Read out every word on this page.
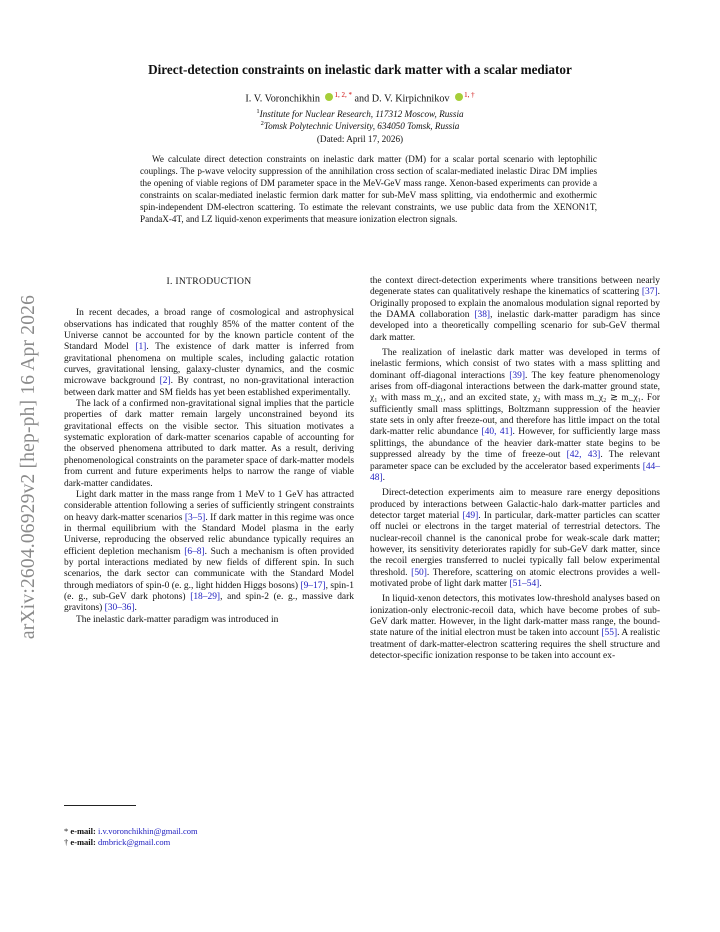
arXiv:2604.06929v2 [hep-ph] 16 Apr 2026
Direct-detection constraints on inelastic dark matter with a scalar mediator
I. V. Voronchikhin $^{1, 2, *}$ and D. V. Kirpichnikov $^{1, \dagger}$
$^1$Institute for Nuclear Research, 117312 Moscow, Russia
$^2$Tomsk Polytechnic University, 634050 Tomsk, Russia
(Dated: April 17, 2026)
We calculate direct detection constraints on inelastic dark matter (DM) for a scalar portal scenario with leptophilic couplings. The p-wave velocity suppression of the annihilation cross section of scalar-mediated inelastic Dirac DM implies the opening of viable regions of DM parameter space in the MeV-GeV mass range. Xenon-based experiments can provide a constraints on scalar-mediated inelastic fermion dark matter for sub-MeV mass splitting, via endothermic and exothermic spin-independent DM-electron scattering. To estimate the relevant constraints, we use public data from the XENON1T, PandaX-4T, and LZ liquid-xenon experiments that measure ionization electron signals.
I. INTRODUCTION

In recent decades, a broad range of cosmological and astrophysical observations has indicated that roughly 85% of the matter content of the Universe cannot be accounted for by the known particle content of the Standard Model [1]. The existence of dark matter is inferred from gravitational phenomena on multiple scales, including galactic rotation curves, gravitational lensing, galaxy-cluster dynamics, and the cosmic microwave background [2]. By contrast, no non-gravitational interaction between dark matter and SM fields has yet been established experimentally.

The lack of a confirmed non-gravitational signal implies that the particle properties of dark matter remain largely unconstrained beyond its gravitational effects on the visible sector. This situation motivates a systematic exploration of dark-matter scenarios capable of accounting for the observed phenomena attributed to dark matter. As a result, deriving phenomenological constraints on the parameter space of dark-matter models from current and future experiments helps to narrow the range of viable dark-matter candidates.

Light dark matter in the mass range from 1 MeV to 1 GeV has attracted considerable attention following a series of sufficiently stringent constraints on heavy dark-matter scenarios [3–5]. If dark matter in this regime was once in thermal equilibrium with the Standard Model plasma in the early Universe, reproducing the observed relic abundance typically requires an efficient depletion mechanism [6–8]. Such a mechanism is often provided by portal interactions mediated by new fields of different spin. In such scenarios, the dark sector can communicate with the Standard Model through mediators of spin-0 (e. g., light hidden Higgs bosons) [9–17], spin-1 (e. g., sub-GeV dark photons) [18–29], and spin-2 (e. g., massive dark gravitons) [30–36].

The inelastic dark-matter paradigm was introduced in

the context direct-detection experiments where transitions between nearly degenerate states can qualitatively reshape the kinematics of scattering [37]. Originally proposed to explain the anomalous modulation signal reported by the DAMA collaboration [38], inelastic dark-matter paradigm has since developed into a theoretically compelling scenario for sub-GeV thermal dark matter.

The realization of inelastic dark matter was developed in terms of inelastic fermions, which consist of two states with a mass splitting and dominant off-diagonal interactions [39]. The key feature phenomenology arises from off-diagonal interactions between the dark-matter ground state, χ₁ with mass m_χ₁, and an excited state, χ₂ with mass m_χ₂ ≳ m_χ₁. For sufficiently small mass splittings, Boltzmann suppression of the heavier state sets in only after freeze-out, and therefore has little impact on the total dark-matter relic abundance [40, 41]. However, for sufficiently large mass splittings, the abundance of the heavier dark-matter state begins to be suppressed already by the time of freeze-out [42, 43]. The relevant parameter space can be excluded by the accelerator based experiments [44–48].

Direct-detection experiments aim to measure rare energy depositions produced by interactions between Galactic-halo dark-matter particles and detector target material [49]. In particular, dark-matter particles can scatter off nuclei or electrons in the target material of terrestrial detectors. The nuclear-recoil channel is the canonical probe for weak-scale dark matter; however, its sensitivity deteriorates rapidly for sub-GeV dark matter, since the recoil energies transferred to nuclei typically fall below experimental threshold. [50]. Therefore, scattering on atomic electrons provides a well-motivated probe of light dark matter [51–54].

In liquid-xenon detectors, this motivates low-threshold analyses based on ionization-only electronic-recoil data, which have become probes of sub-GeV dark matter. However, in the light dark-matter mass range, the bound-state nature of the initial electron must be taken into account [55]. A realistic treatment of dark-matter-electron scattering requires the shell structure and detector-specific ionization response to be taken into account ex-

* e-mail: i.v.voronchikhin@gmail.com
† e-mail: dmbrick@gmail.com
